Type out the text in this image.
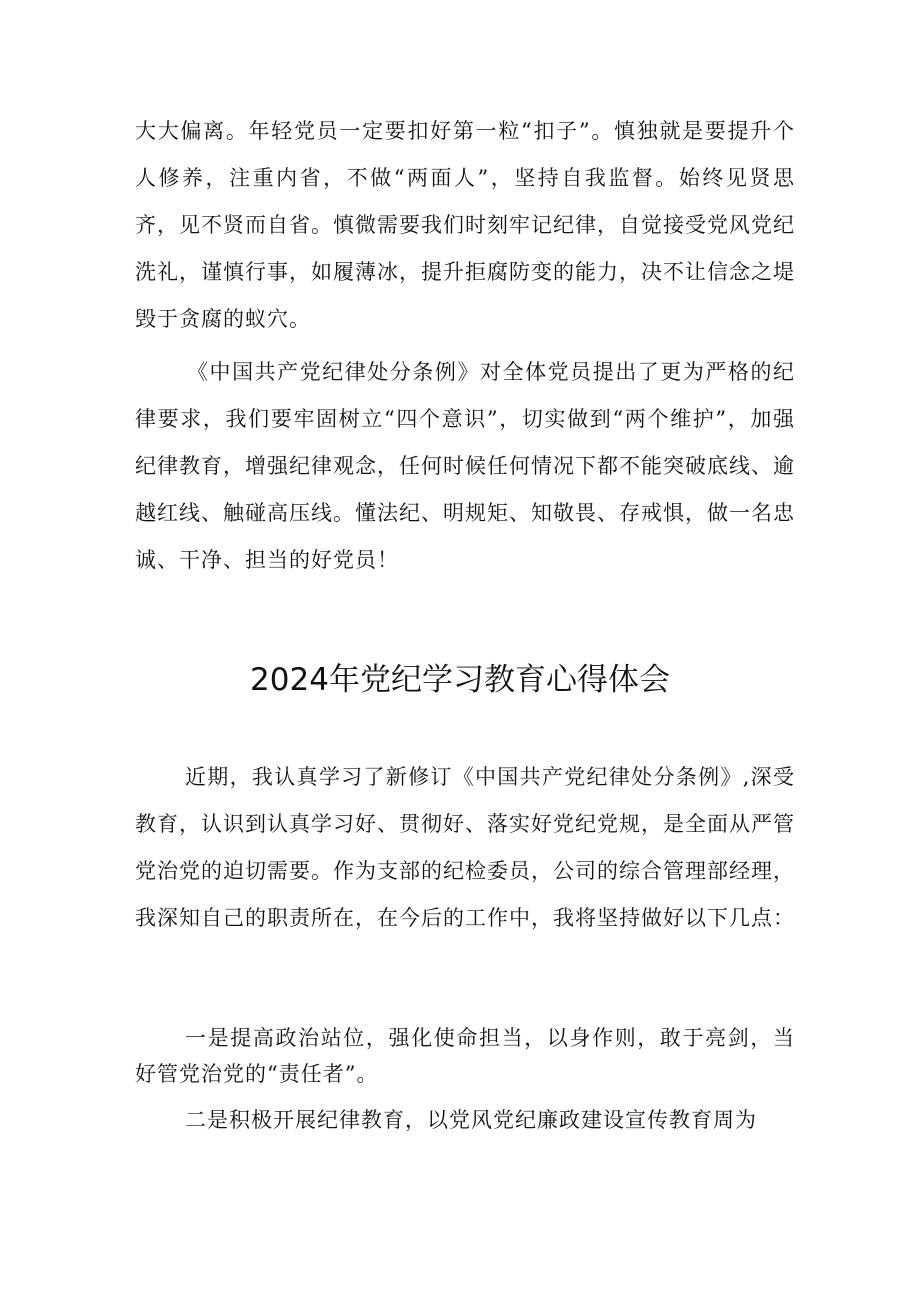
大大偏离。年轻党员一定要扣好第一粒“扣子”。慎独就是要提升个人修养，注重内省，不做“两面人”，坚持自我监督。始终见贤思齐，见不贤而自省。慎微需要我们时刻牢记纪律，自觉接受党风党纪洗礼，谨慎行事，如履薄冰，提升拒腐防变的能力，决不让信念之堤毁于贪腐的蚁穴。

《中国共产党纪律处分条例》对全体党员提出了更为严格的纪律要求，我们要牢固树立“四个意识”，切实做到“两个维护”，加强纪律教育，增强纪律观念，任何时候任何情况下都不能突破底线、逾越红线、触碰高压线。懂法纪、明规矩、知敬畏、存戒惧，做一名忠诚、干净、担当的好党员！

2024年党纪学习教育心得体会

近期，我认真学习了新修订《中国共产党纪律处分条例》,深受教育，认识到认真学习好、贯彻好、落实好党纪党规，是全面从严管党治党的迫切需要。作为支部的纪检委员，公司的综合管理部经理，我深知自己的职责所在，在今后的工作中，我将坚持做好以下几点：

一是提高政治站位，强化使命担当，以身作则，敢于亮剑，当好管党治党的“责任者”。

二是积极开展纪律教育，以党风党纪廉政建设宣传教育周为
